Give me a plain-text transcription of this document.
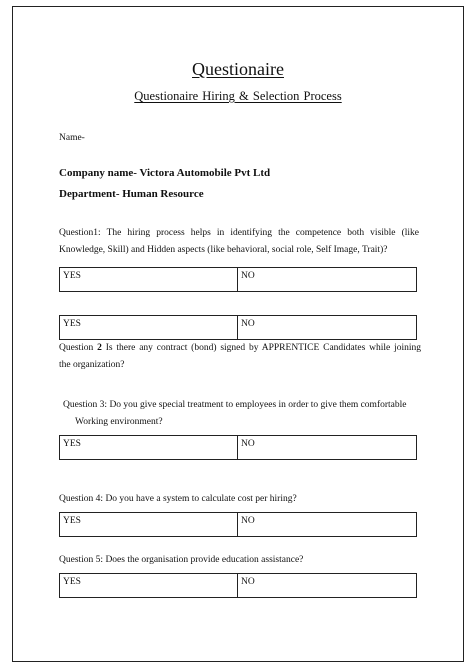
Questionaire
Questionaire Hiring & Selection Process
Name-
Company name- Victora Automobile Pvt Ltd
Department- Human Resource
Question1: The hiring process helps in identifying the competence both visible (like
Knowledge, Skill) and Hidden aspects (like behavioral, social role, Self Image, Trait)?
YES	NO
YES	NO
Question 2 Is there any contract (bond) signed by APPRENTICE Candidates while joining
the organization?
Question 3: Do you give special treatment to employees in order to give them comfortable
Working environment?
YES	NO
Question 4: Do you have a system to calculate cost per hiring?
YES	NO
Question 5: Does the organisation provide education assistance?
YES	NO
